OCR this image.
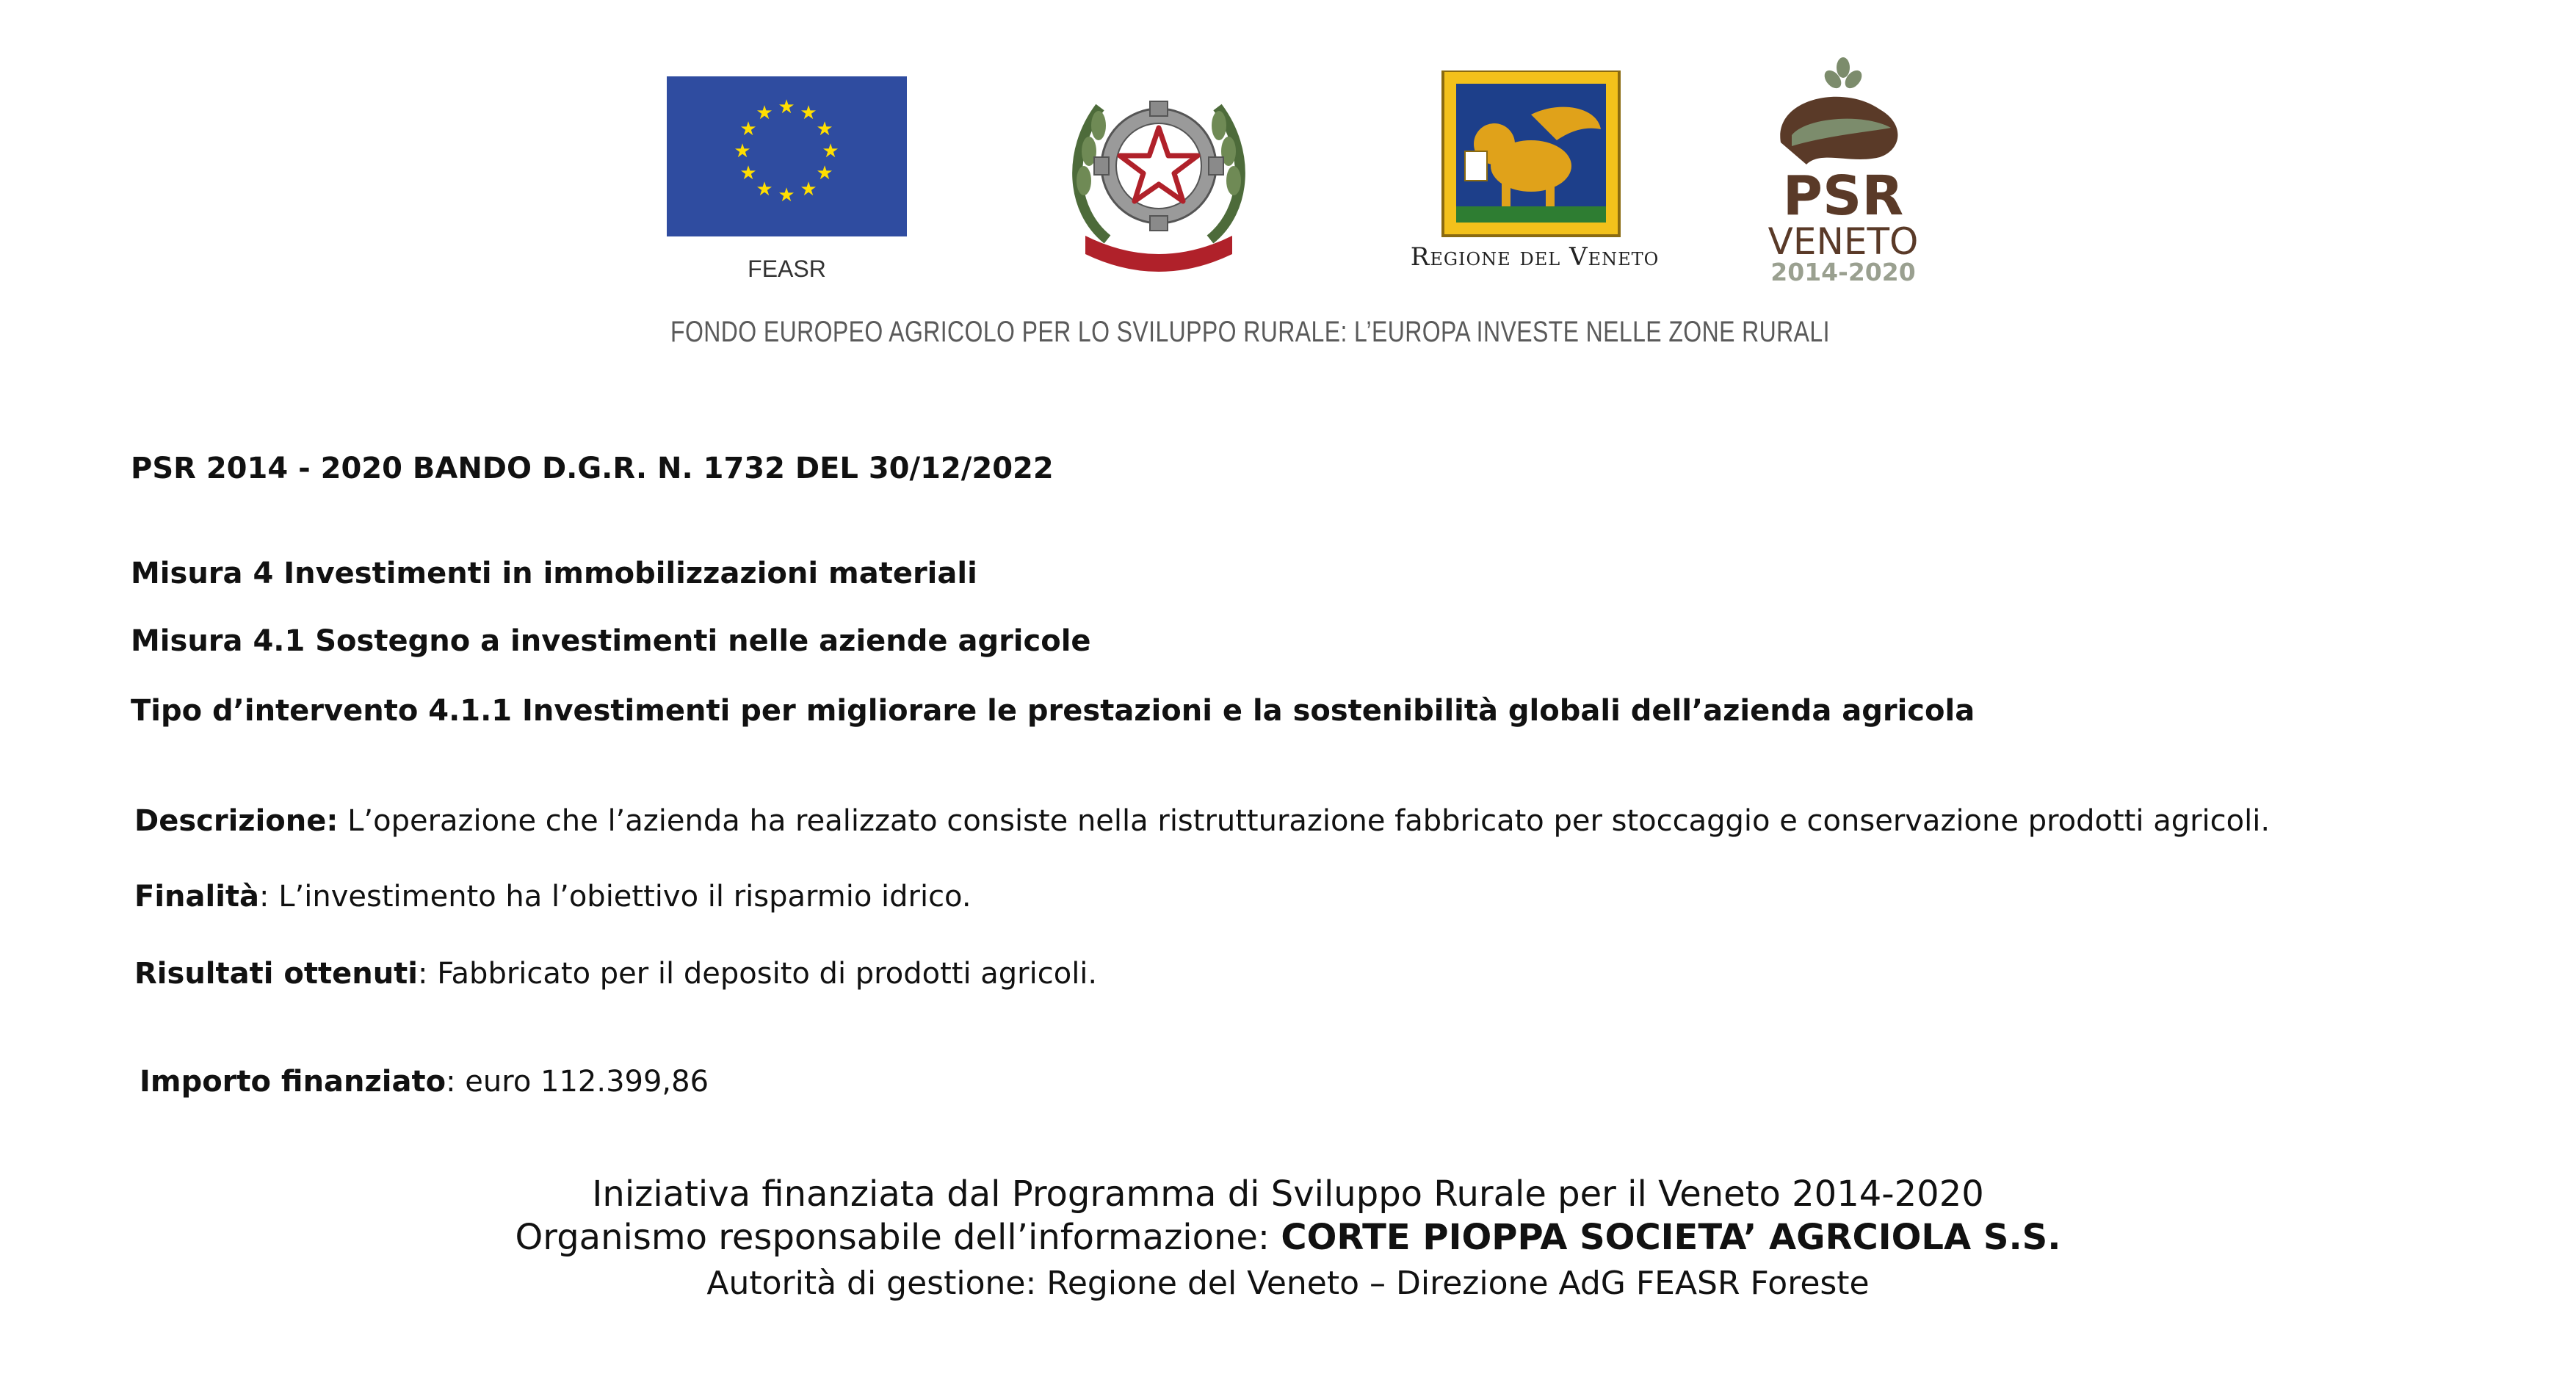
★ ★
★
★
★
★
★
★
★
★
★
★
FEASR	Regione del Veneto
PSR
VENETO
2014-2020
FONDO EUROPEO AGRICOLO PER LO SVILUPPO RURALE: L’EUROPA INVESTE NELLE ZONE RURALI
PSR 2014 - 2020 BANDO D.G.R. N. 1732 DEL 30/12/2022
Misura 4 Investimenti in immobilizzazioni materiali
Misura 4.1 Sostegno a investimenti nelle aziende agricole
Tipo d’intervento 4.1.1 Investimenti per migliorare le prestazioni e la sostenibilità globali dell’azienda agricola
Descrizione: L’operazione che l’azienda ha realizzato consiste nella ristrutturazione fabbricato per stoccaggio e conservazione prodotti agricoli.
Finalità: L’investimento ha l’obiettivo il risparmio idrico.
Risultati ottenuti: Fabbricato per il deposito di prodotti agricoli.
Importo finanziato: euro 112.399,86
Iniziativa finanziata dal Programma di Sviluppo Rurale per il Veneto 2014-2020
Organismo responsabile dell’informazione: CORTE PIOPPA SOCIETA’ AGRCIOLA S.S.
Autorità di gestione: Regione del Veneto – Direzione AdG FEASR Foreste
